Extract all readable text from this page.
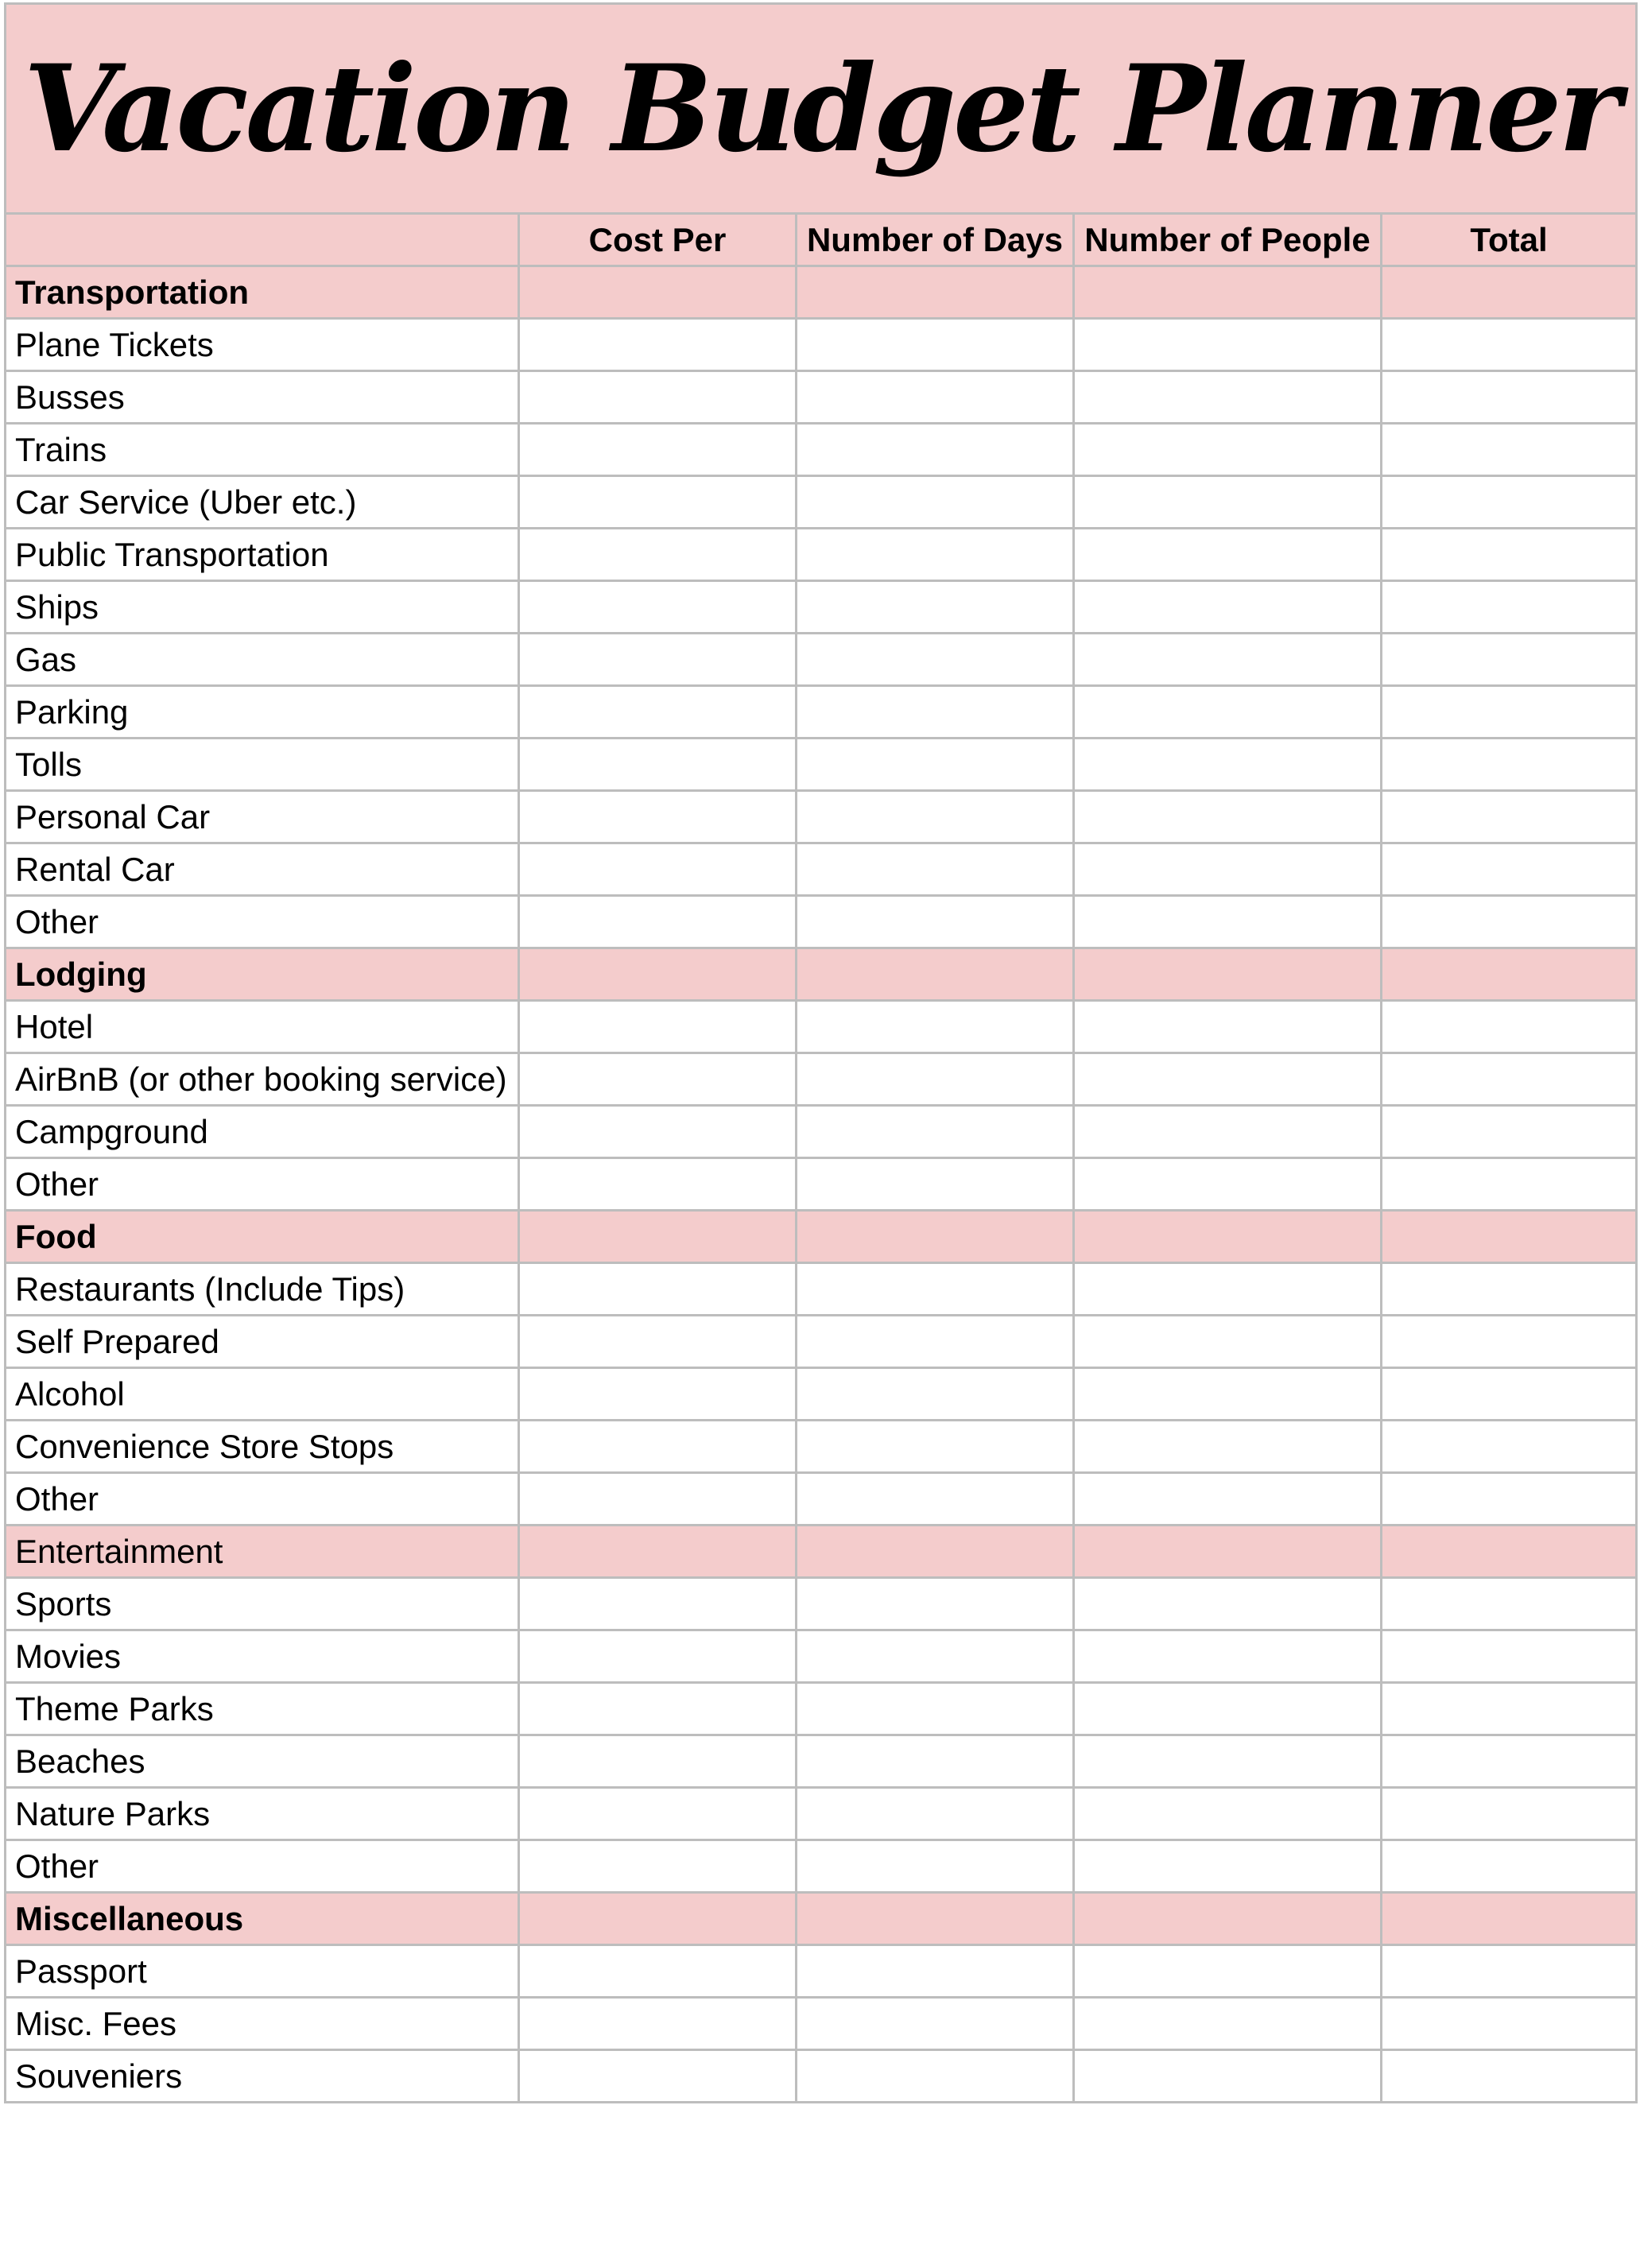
Vacation Budget Planner				
	Cost Per	Number of Days	Number of People	Total
Transportation				
Plane Tickets				
Busses				
Trains				
Car Service (Uber etc.)				
Public Transportation				
Ships				
Gas				
Parking				
Tolls				
Personal Car				
Rental Car				
Other				
Lodging				
Hotel				
AirBnB (or other booking service)				
Campground				
Other				
Food				
Restaurants (Include Tips)				
Self Prepared				
Alcohol				
Convenience Store Stops				
Other				
Entertainment				
Sports				
Movies				
Theme Parks				
Beaches				
Nature Parks				
Other				
Miscellaneous				
Passport				
Misc. Fees				
Souveniers				
